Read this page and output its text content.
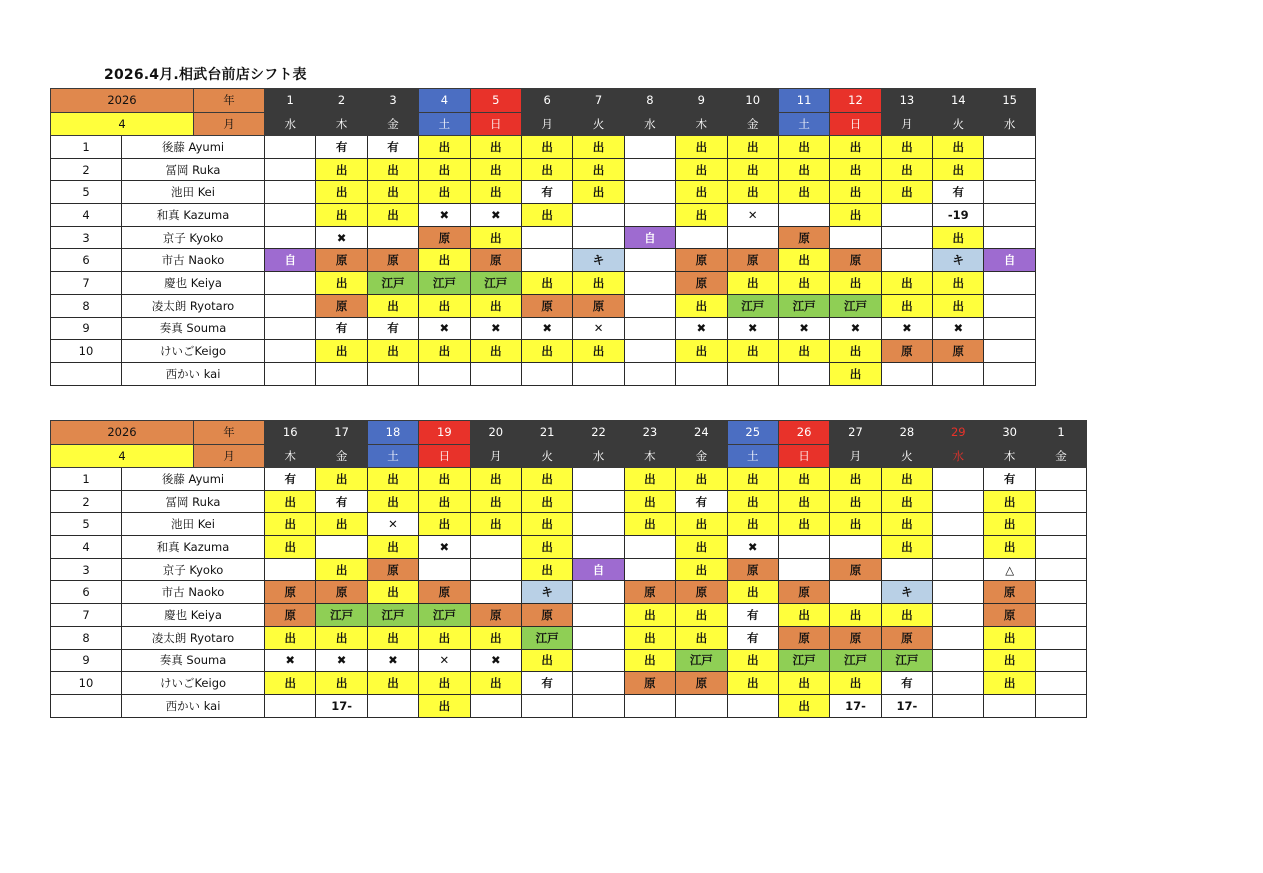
2026.4月.相武台前店シフト表
2026		年	1	2	3	4	5	6	7	8	9	10	11	12	13	14	15
4		月	水	木	金	土	日	月	火	水	木	金	土	日	月	火	水
1	後藤 Ayumi			有	有	出	出	出	出		出	出	出	出	出	出	
2	冨岡 Ruka			出	出	出	出	出	出		出	出	出	出	出	出	
5	池田 Kei			出	出	出	出	有	出		出	出	出	出	出	有	
4	和真 Kazuma			出	出	✖	✖	出			出	✕		出		-19	
3	京子 Kyoko			✖		原	出			自			原			出	
6	市古 Naoko		自	原	原	出	原		キ		原	原	出	原		キ	自
7	慶也 Keiya			出	江戸	江戸	江戸	出	出		原	出	出	出	出	出	
8	凌太朗 Ryotaro			原	出	出	出	原	原		出	江戸	江戸	江戸	出	出	
9	奏真 Souma			有	有	✖	✖	✖	✕		✖	✖	✖	✖	✖	✖	
10	けいごKeigo			出	出	出	出	出	出		出	出	出	出	原	原	
	西かい kai													出			
2026		年	16	17	18	19	20	21	22	23	24	25	26	27	28	29	30	1
4		月	木	金	土	日	月	火	水	木	金	土	日	月	火	水	木	金
1	後藤 Ayumi		有	出	出	出	出	出		出	出	出	出	出	出		有	
2	冨岡 Ruka		出	有	出	出	出	出		出	有	出	出	出	出		出	
5	池田 Kei		出	出	✕	出	出	出		出	出	出	出	出	出		出	
4	和真 Kazuma		出		出	✖		出			出	✖			出		出	
3	京子 Kyoko			出	原			出	自		出	原		原			△	
6	市古 Naoko		原	原	出	原		キ		原	原	出	原		キ		原	
7	慶也 Keiya		原	江戸	江戸	江戸	原	原		出	出	有	出	出	出		原	
8	凌太朗 Ryotaro		出	出	出	出	出	江戸		出	出	有	原	原	原		出	
9	奏真 Souma		✖	✖	✖	✕	✖	出		出	江戸	出	江戸	江戸	江戸		出	
10	けいごKeigo		出	出	出	出	出	有		原	原	出	出	出	有		出	
	西かい kai			17-		出							出	17-	17-			
